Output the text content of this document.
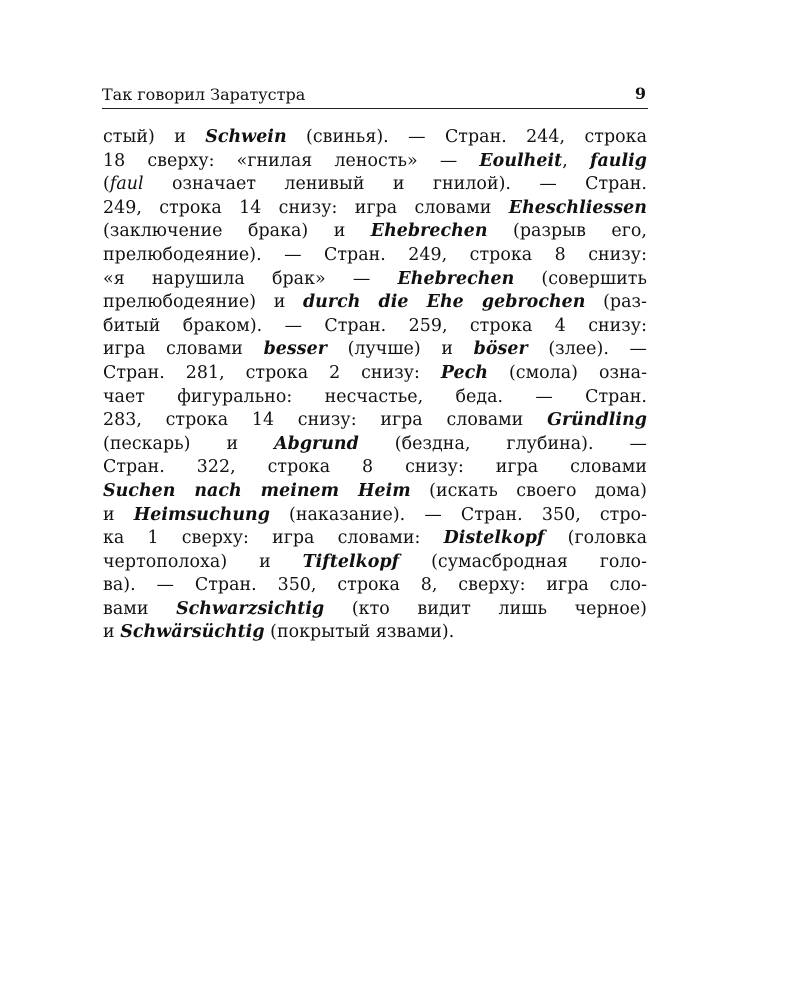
Так говорил Заратустра	9
стый) и Schwein (свинья). — Стран. 244, строка
18 сверху: «гнилая леность» — Eoulheit, faulig
(faul означает ленивый и гнилой). — Стран.
249, строка 14 снизу: игра словами Eheschliessen
(заключение брака) и Ehebrechen (разрыв его,
прелюбодеяние). — Стран. 249, строка 8 снизу:
«я нарушила брак» — Ehebrechen (совершить
прелюбодеяние) и durch die Ehe gebrochen (раз-
битый браком). — Стран. 259, строка 4 снизу:
игра словами besser (лучше) и böser (злее). —
Стран. 281, строка 2 снизу: Pech (смола) озна-
чает фигурально: несчастье, беда. — Стран.
283, строка 14 снизу: игра словами Gründling
(пескарь) и Abgrund (бездна, глубина). —
Стран. 322, строка 8 снизу: игра словами
Suchen nach meinem Heim (искать своего дома)
и Heimsuchung (наказание). — Стран. 350, стро-
ка 1 сверху: игра словами: Distelkopf (головка
чертополоха) и Tiftelkopf (сумасбродная голо-
ва). — Стран. 350, строка 8, сверху: игра сло-
вами Schwarzsichtig (кто видит лишь черное)
и Schwärsüchtig (покрытый язвами).
